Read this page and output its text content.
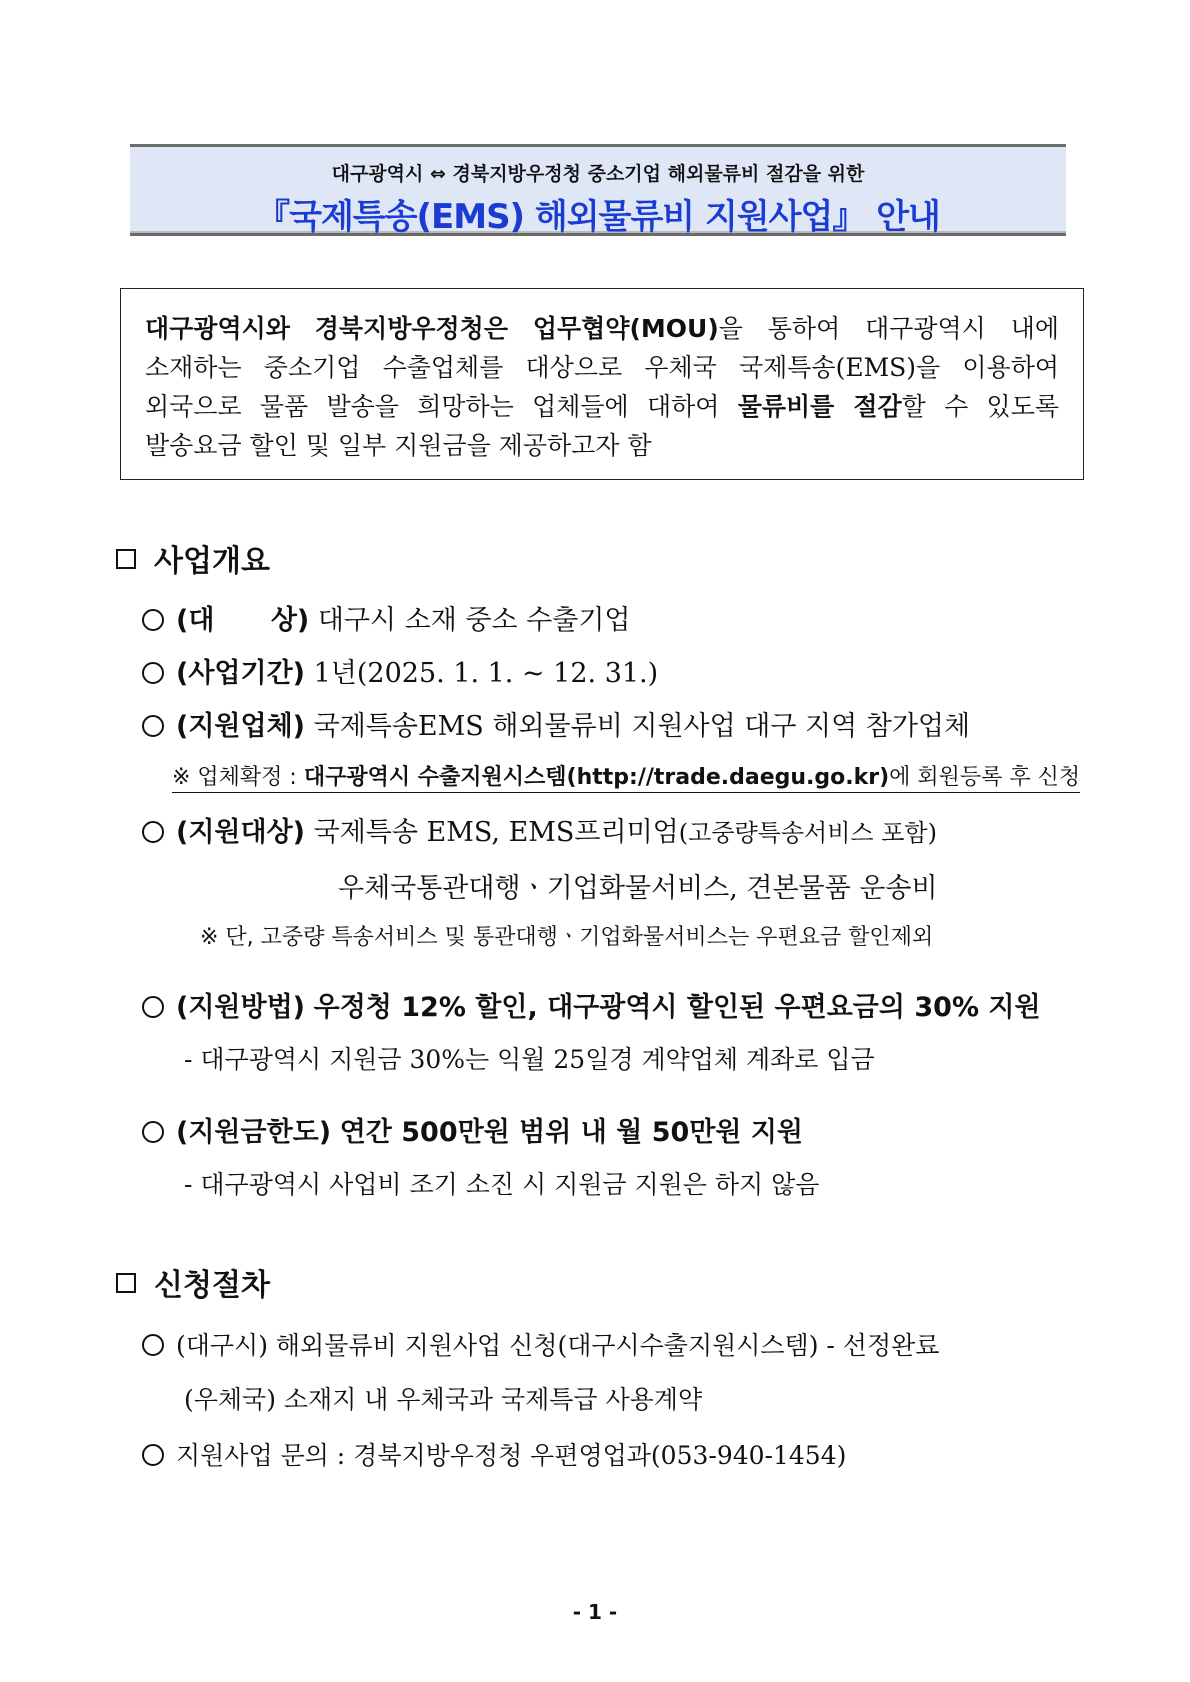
대구광역시 ⇔ 경북지방우정청 중소기업 해외물류비 절감을 위한
『국제특송(EMS) 해외물류비 지원사업』 안내
대구광역시와 경북지방우정청은 업무협약(MOU)을 통하여 대구광역시 내에
소재하는 중소기업 수출업체를 대상으로 우체국 국제특송(EMS)을 이용하여
외국으로 물품 발송을 희망하는 업체들에 대하여 물류비를 절감할 수 있도록
발송요금 할인 및 일부 지원금을 제공하고자 함
사업개요
(대      상) 대구시 소재 중소 수출기업
(사업기간) 1년(2025. 1. 1. ~ 12. 31.)
(지원업체) 국제특송EMS 해외물류비 지원사업 대구 지역 참가업체
※ 업체확정 : 대구광역시 수출지원시스템(http://trade.daegu.go.kr)에 회원등록 후 신청
(지원대상) 국제특송 EMS, EMS프리미엄(고중량특송서비스 포함)
우체국통관대행ㆍ기업화물서비스, 견본물품 운송비
※ 단, 고중량 특송서비스 및 통관대행ㆍ기업화물서비스는 우편요금 할인제외
(지원방법) 우정청 12% 할인, 대구광역시 할인된 우편요금의 30% 지원
- 대구광역시 지원금 30%는 익월 25일경 계약업체 계좌로 입금
(지원금한도) 연간 500만원 범위 내 월 50만원 지원
- 대구광역시 사업비 조기 소진 시 지원금 지원은 하지 않음
신청절차
(대구시) 해외물류비 지원사업 신청(대구시수출지원시스템) - 선정완료
(우체국) 소재지 내 우체국과 국제특급 사용계약
지원사업 문의 : 경북지방우정청 우편영업과(053-940-1454)
- 1 -
